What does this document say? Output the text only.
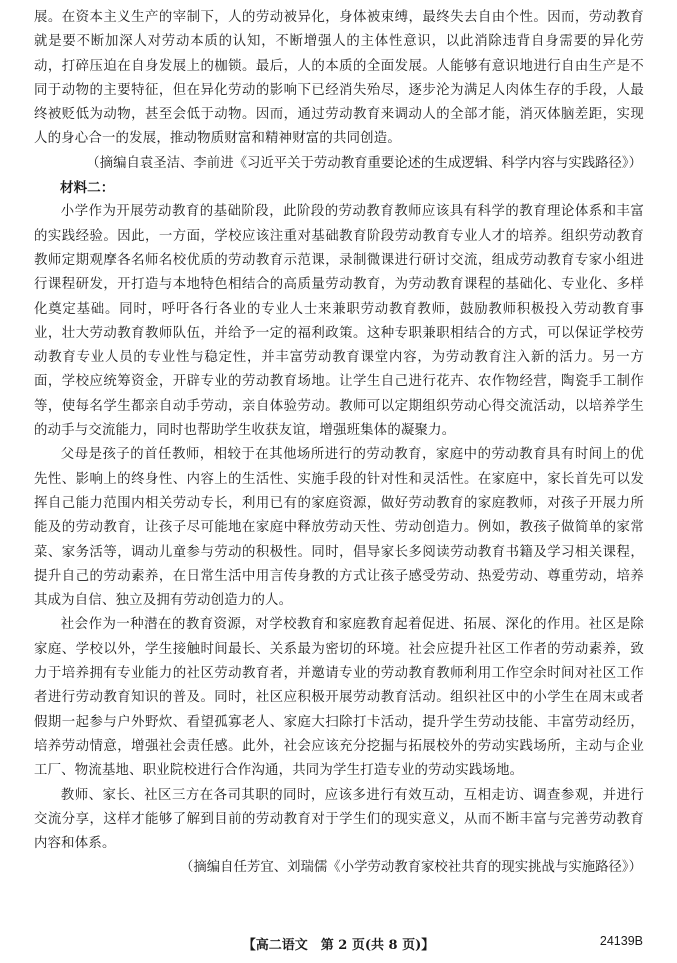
展。在资本主义生产的宰制下，人的劳动被异化，身体被束缚，最终失去自由个性。因而，劳动教育就是要不断加深人对劳动本质的认知，不断增强人的主体性意识，以此消除违背自身需要的异化劳动，打碎压迫在自身发展上的枷锁。最后，人的本质的全面发展。人能够有意识地进行自由生产是不同于动物的主要特征，但在异化劳动的影响下已经消失殆尽，逐步沦为满足人肉体生存的手段，人最终被贬低为动物，甚至会低于动物。因而，通过劳动教育来调动人的全部才能，消灭体脑差距，实现人的身心合一的发展，推动物质财富和精神财富的共同创造。

（摘编自袁圣洁、李前进《习近平关于劳动教育重要论述的生成逻辑、科学内容与实践路径》）

材料二：

小学作为开展劳动教育的基础阶段，此阶段的劳动教育教师应该具有科学的教育理论体系和丰富的实践经验。因此，一方面，学校应该注重对基础教育阶段劳动教育专业人才的培养。组织劳动教育教师定期观摩各名师名校优质的劳动教育示范课，录制微课进行研讨交流，组成劳动教育专家小组进行课程研发，开打造与本地特色相结合的高质量劳动教育，为劳动教育课程的基础化、专业化、多样化奠定基础。同时，呼吁各行各业的专业人士来兼职劳动教育教师，鼓励教师积极投入劳动教育事业，壮大劳动教育教师队伍，并给予一定的福利政策。这种专职兼职相结合的方式，可以保证学校劳动教育专业人员的专业性与稳定性，并丰富劳动教育课堂内容，为劳动教育注入新的活力。另一方面，学校应统筹资金，开辟专业的劳动教育场地。让学生自己进行花卉、农作物经营，陶瓷手工制作等，使每名学生都亲自动手劳动，亲自体验劳动。教师可以定期组织劳动心得交流活动，以培养学生的动手与交流能力，同时也帮助学生收获友谊，增强班集体的凝聚力。

父母是孩子的首任教师，相较于在其他场所进行的劳动教育，家庭中的劳动教育具有时间上的优先性、影响上的终身性、内容上的生活性、实施手段的针对性和灵活性。在家庭中，家长首先可以发挥自己能力范围内相关劳动专长，利用已有的家庭资源，做好劳动教育的家庭教师，对孩子开展力所能及的劳动教育，让孩子尽可能地在家庭中释放劳动天性、劳动创造力。例如，教孩子做简单的家常菜、家务活等，调动儿童参与劳动的积极性。同时，倡导家长多阅读劳动教育书籍及学习相关课程，提升自己的劳动素养，在日常生活中用言传身教的方式让孩子感受劳动、热爱劳动、尊重劳动，培养其成为自信、独立及拥有劳动创造力的人。

社会作为一种潜在的教育资源，对学校教育和家庭教育起着促进、拓展、深化的作用。社区是除家庭、学校以外，学生接触时间最长、关系最为密切的环境。社会应提升社区工作者的劳动素养，致力于培养拥有专业能力的社区劳动教育者，并邀请专业的劳动教育教师利用工作空余时间对社区工作者进行劳动教育知识的普及。同时，社区应积极开展劳动教育活动。组织社区中的小学生在周末或者假期一起参与户外野炊、看望孤寡老人、家庭大扫除打卡活动，提升学生劳动技能、丰富劳动经历，培养劳动情意，增强社会责任感。此外，社会应该充分挖掘与拓展校外的劳动实践场所，主动与企业工厂、物流基地、职业院校进行合作沟通，共同为学生打造专业的劳动实践场地。

教师、家长、社区三方在各司其职的同时，应该多进行有效互动，互相走访、调查参观，并进行交流分享，这样才能够了解到目前的劳动教育对于学生们的现实意义，从而不断丰富与完善劳动教育内容和体系。

（摘编自任芳宜、刘瑞儒《小学劳动教育家校社共育的现实挑战与实施路径》）

【高二语文　第 2 页(共 8 页)】	24139B
